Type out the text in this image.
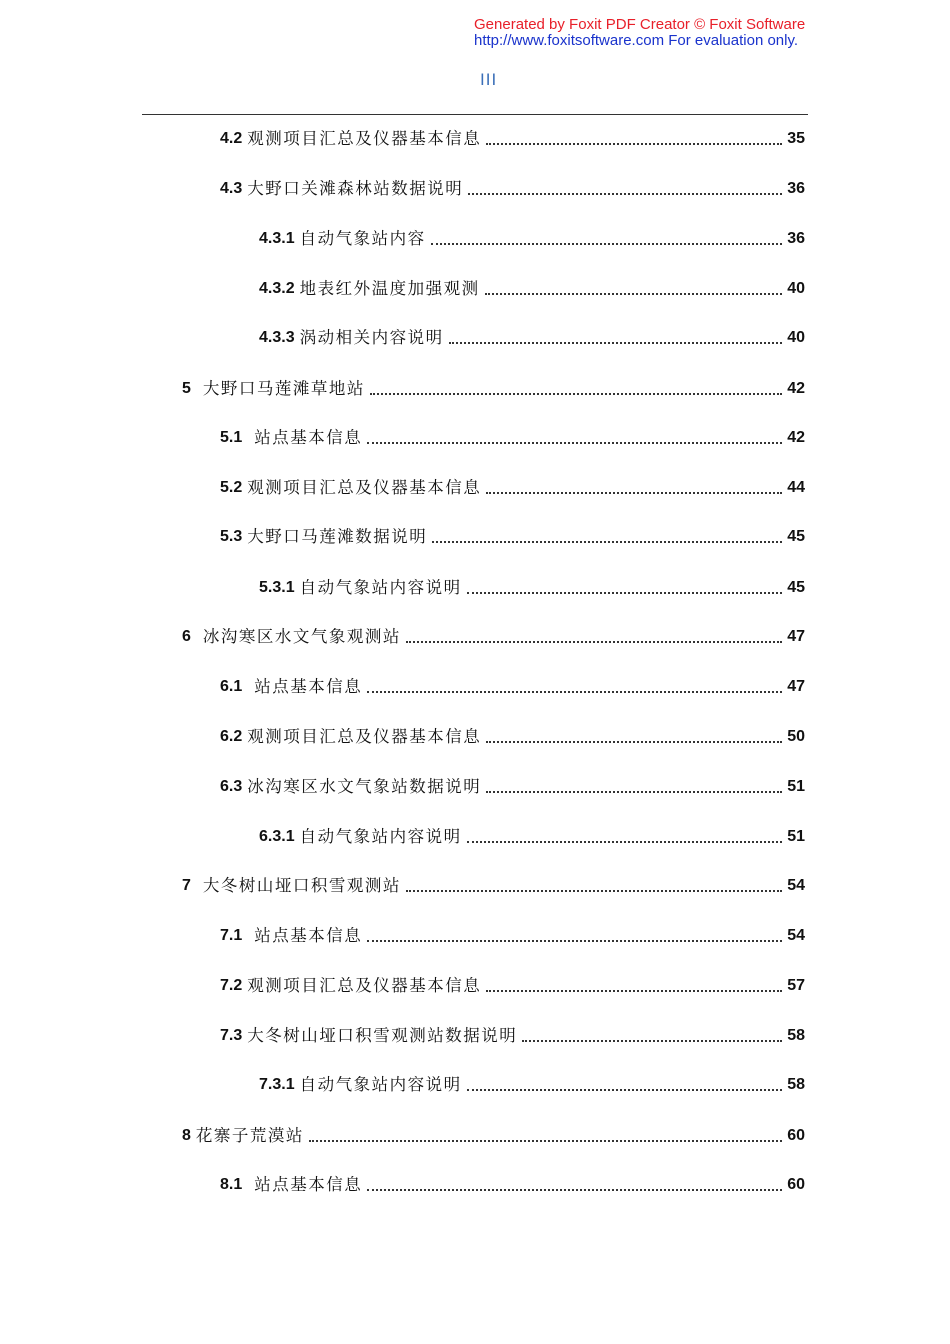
Generated by Foxit PDF Creator © Foxit Software
http://www.foxitsoftware.com For evaluation only.
III
4.2 观测项目汇总及仪器基本信息	35
4.3 大野口关滩森林站数据说明	36
4.3.1 自动气象站内容	36
4.3.2 地表红外温度加强观测	40
4.3.3 涡动相关内容说明	40
5 大野口马莲滩草地站	42
5.1 站点基本信息	42
5.2 观测项目汇总及仪器基本信息	44
5.3 大野口马莲滩数据说明	45
5.3.1 自动气象站内容说明	45
6 冰沟寒区水文气象观测站	47
6.1 站点基本信息	47
6.2 观测项目汇总及仪器基本信息	50
6.3 冰沟寒区水文气象站数据说明	51
6.3.1 自动气象站内容说明	51
7 大冬树山垭口积雪观测站	54
7.1 站点基本信息	54
7.2 观测项目汇总及仪器基本信息	57
7.3 大冬树山垭口积雪观测站数据说明	58
7.3.1 自动气象站内容说明	58
8 花寨子荒漠站	60
8.1 站点基本信息	60
